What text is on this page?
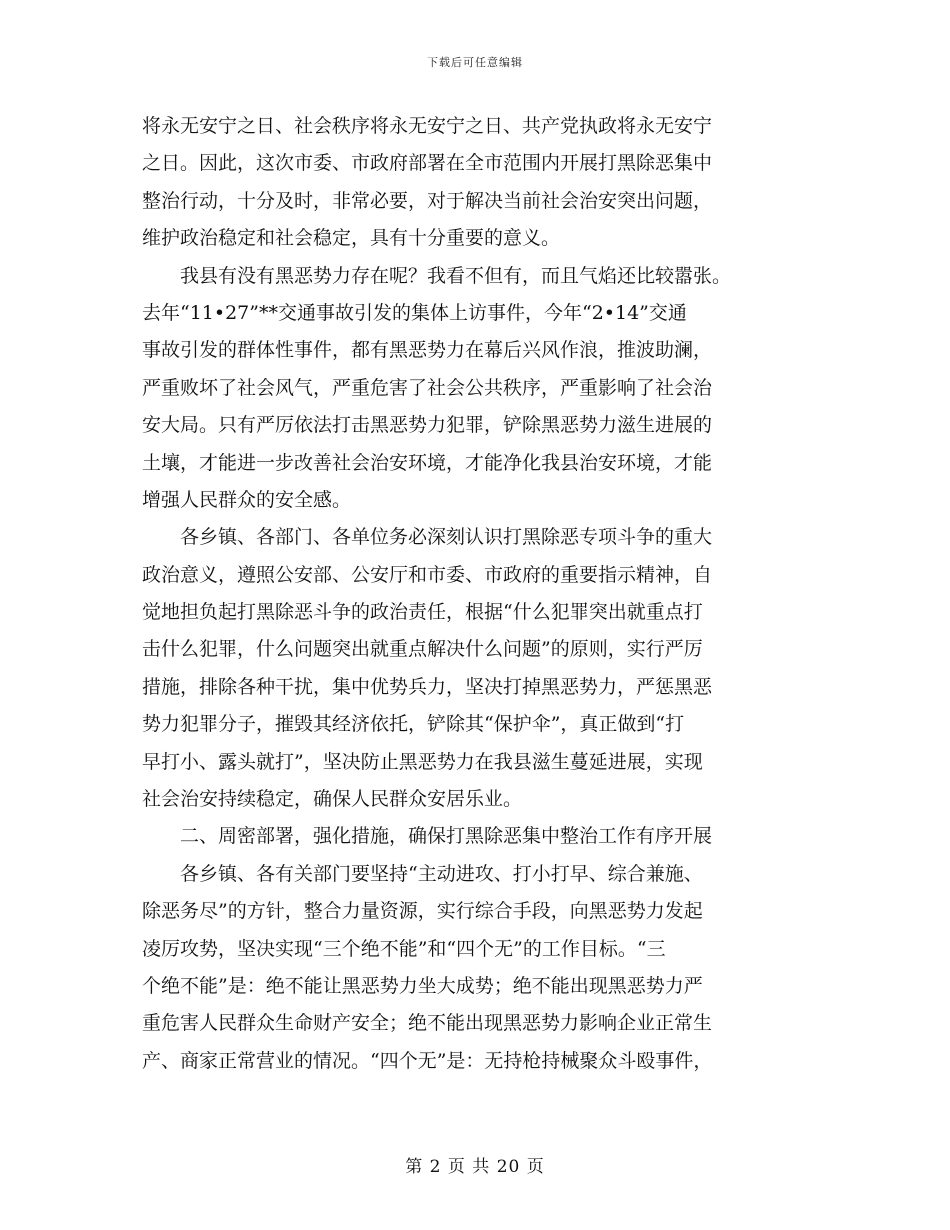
下载后可任意编辑
将永无安宁之日、社会秩序将永无安宁之日、共产党执政将永无安宁
之日。因此，这次市委、市政府部署在全市范围内开展打黑除恶集中
整治行动，十分及时，非常必要，对于解决当前社会治安突出问题，
维护政治稳定和社会稳定，具有十分重要的意义。
我县有没有黑恶势力存在呢？我看不但有，而且气焰还比较嚣张。
去年“11•27”**交通事故引发的集体上访事件，今年“2•14”交通
事故引发的群体性事件，都有黑恶势力在幕后兴风作浪，推波助澜，
严重败坏了社会风气，严重危害了社会公共秩序，严重影响了社会治
安大局。只有严厉依法打击黑恶势力犯罪，铲除黑恶势力滋生进展的
土壤，才能进一步改善社会治安环境，才能净化我县治安环境，才能
增强人民群众的安全感。
各乡镇、各部门、各单位务必深刻认识打黑除恶专项斗争的重大
政治意义，遵照公安部、公安厅和市委、市政府的重要指示精神，自
觉地担负起打黑除恶斗争的政治责任，根据“什么犯罪突出就重点打
击什么犯罪，什么问题突出就重点解决什么问题”的原则，实行严厉
措施，排除各种干扰，集中优势兵力，坚决打掉黑恶势力，严惩黑恶
势力犯罪分子，摧毁其经济依托，铲除其“保护伞”，真正做到“打
早打小、露头就打”，坚决防止黑恶势力在我县滋生蔓延进展，实现
社会治安持续稳定，确保人民群众安居乐业。
二、周密部署，强化措施，确保打黑除恶集中整治工作有序开展
各乡镇、各有关部门要坚持“主动进攻、打小打早、综合兼施、
除恶务尽”的方针，整合力量资源，实行综合手段，向黑恶势力发起
凌厉攻势，坚决实现“三个绝不能”和“四个无”的工作目标。“三
个绝不能”是：绝不能让黑恶势力坐大成势；绝不能出现黑恶势力严
重危害人民群众生命财产安全；绝不能出现黑恶势力影响企业正常生
产、商家正常营业的情况。“四个无”是：无持枪持械聚众斗殴事件，
第 2 页 共 20 页
